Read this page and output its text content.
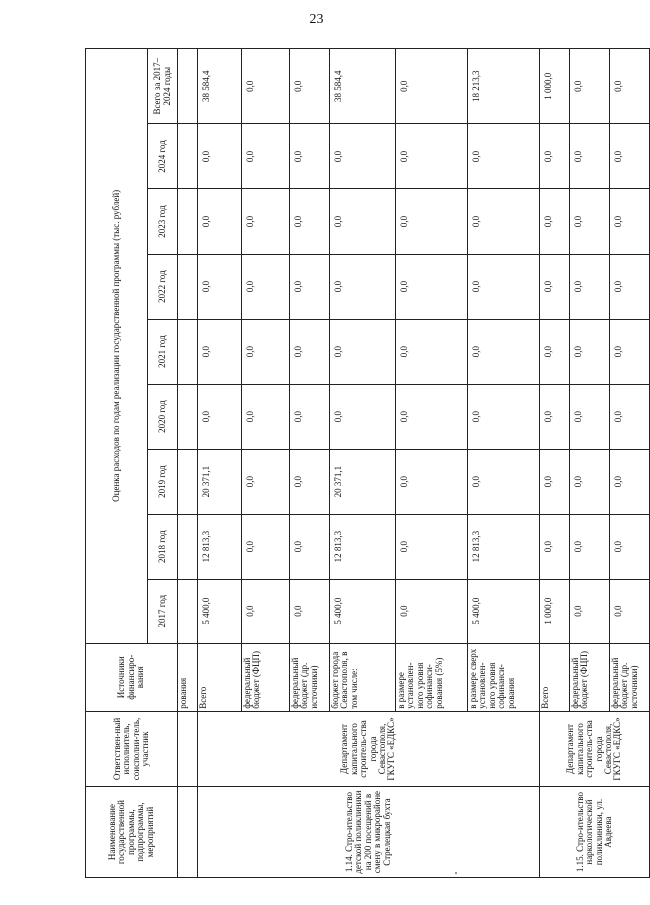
23
Наименование государственной программы, подпрограммы, мероприятий	Ответствен-ный исполнитель, соисполни-тель, участник	Источники финансиро-вания	Оценка расходов по годам реализации государственной программы (тыс. рублей)								
			2017 год	2018 год	2019 год	2020 год	2021 год	2022 год	2023 год	2024 год	Всего за 2017–2024 годы
		рования									
1.14. Стро-ительство детской поликлиники на 200 посещений в смену в микрорайоне Стрелецкая бухта	Департамент капитального строитель-ства города Севастополя, ГКУГС «ЕДКС»	Всего	5 400,0	12 813,3	20 371,1	0,0	0,0	0,0	0,0	0,0	38 584,4
		федеральный бюджет (ФЦП)	0,0	0,0	0,0	0,0	0,0	0,0	0,0	0,0	0,0
		федеральный бюджет (др. источники)	0,0	0,0	0,0	0,0	0,0	0,0	0,0	0,0	0,0
		бюджет города Севастополя, в том числе:	5 400,0	12 813,3	20 371,1	0,0	0,0	0,0	0,0	0,0	38 584,4
		в размере установлен-ного уровня софинанси-рования (5%)	0,0	0,0	0,0	0,0	0,0	0,0	0,0	0,0	0,0
		в размере сверх установлен-ного уровня софинанси-рования	5 400,0	12 813,3	0,0	0,0	0,0	0,0	0,0	0,0	18 213,3
1.15. Стро-ительство наркологической поликлиники, ул. Авдеева	Департамент капитального строитель-ства города Севастополя, ГКУГС «ЕДКС»	Всего	1 000,0	0,0	0,0	0,0	0,0	0,0	0,0	0,0	1 000,0
		федеральный бюджет (ФЦП)	0,0	0,0	0,0	0,0	0,0	0,0	0,0	0,0	0,0
		федеральный бюджет (др. источники)	0,0	0,0	0,0	0,0	0,0	0,0	0,0	0,0	0,0
